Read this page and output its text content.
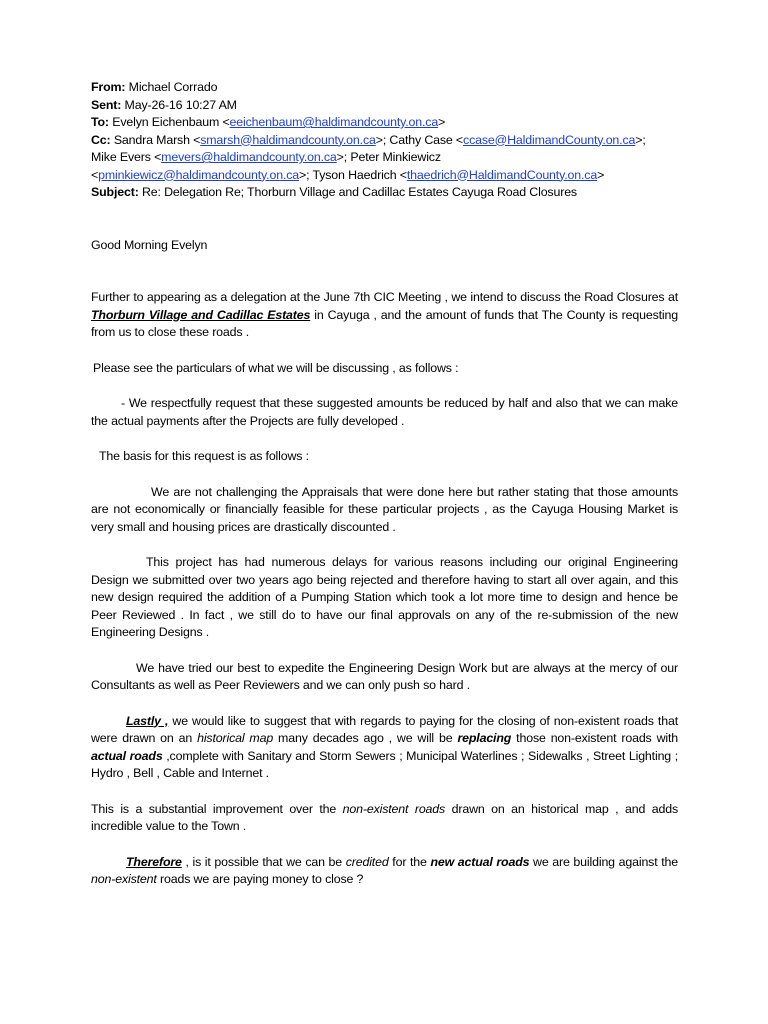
From: Michael Corrado

Sent: May-26-16 10:27 AM

To: Evelyn Eichenbaum <eeichenbaum@haldimandcounty.on.ca>

Cc: Sandra Marsh <smarsh@haldimandcounty.on.ca>; Cathy Case <ccase@HaldimandCounty.on.ca>;

Mike Evers <mevers@haldimandcounty.on.ca>; Peter Minkiewicz

<pminkiewicz@haldimandcounty.on.ca>; Tyson Haedrich <thaedrich@HaldimandCounty.on.ca>

Subject: Re: Delegation Re; Thorburn Village and Cadillac Estates Cayuga Road Closures

Good Morning Evelyn

Further to appearing as a delegation at the June 7th CIC Meeting , we intend to discuss the Road Closures at Thorburn Village and Cadillac Estates in Cayuga , and the amount of funds that The County is requesting from us to close these roads .

Please see the particulars of what we will be discussing , as follows :

- We respectfully request that these suggested amounts be reduced by half and also that we can make the actual payments after the Projects are fully developed .

The basis for this request is as follows :

We are not challenging the Appraisals that were done here but rather stating that those amounts are not economically or financially feasible for these particular projects , as the Cayuga Housing Market is very small and housing prices are drastically discounted .

This project has had numerous delays for various reasons including our original Engineering Design we submitted over two years ago being rejected and therefore having to start all over again, and this new design required the addition of a Pumping Station which took a lot more time to design and hence be Peer Reviewed . In fact , we still do to have our final approvals on any of the re-submission of the new Engineering Designs .

We have tried our best to expedite the Engineering Design Work but are always at the mercy of our Consultants as well as Peer Reviewers and we can only push so hard .

Lastly , we would like to suggest that with regards to paying for the closing of non-existent roads that were drawn on an historical map many decades ago , we will be replacing those non-existent roads with actual roads ,complete with Sanitary and Storm Sewers ; Municipal Waterlines ; Sidewalks , Street Lighting ; Hydro , Bell , Cable and Internet .

This is a substantial improvement over the non-existent roads drawn on an historical map , and adds incredible value to the Town .

Therefore , is it possible that we can be credited for the new actual roads we are building against the non-existent roads we are paying money to close ?
